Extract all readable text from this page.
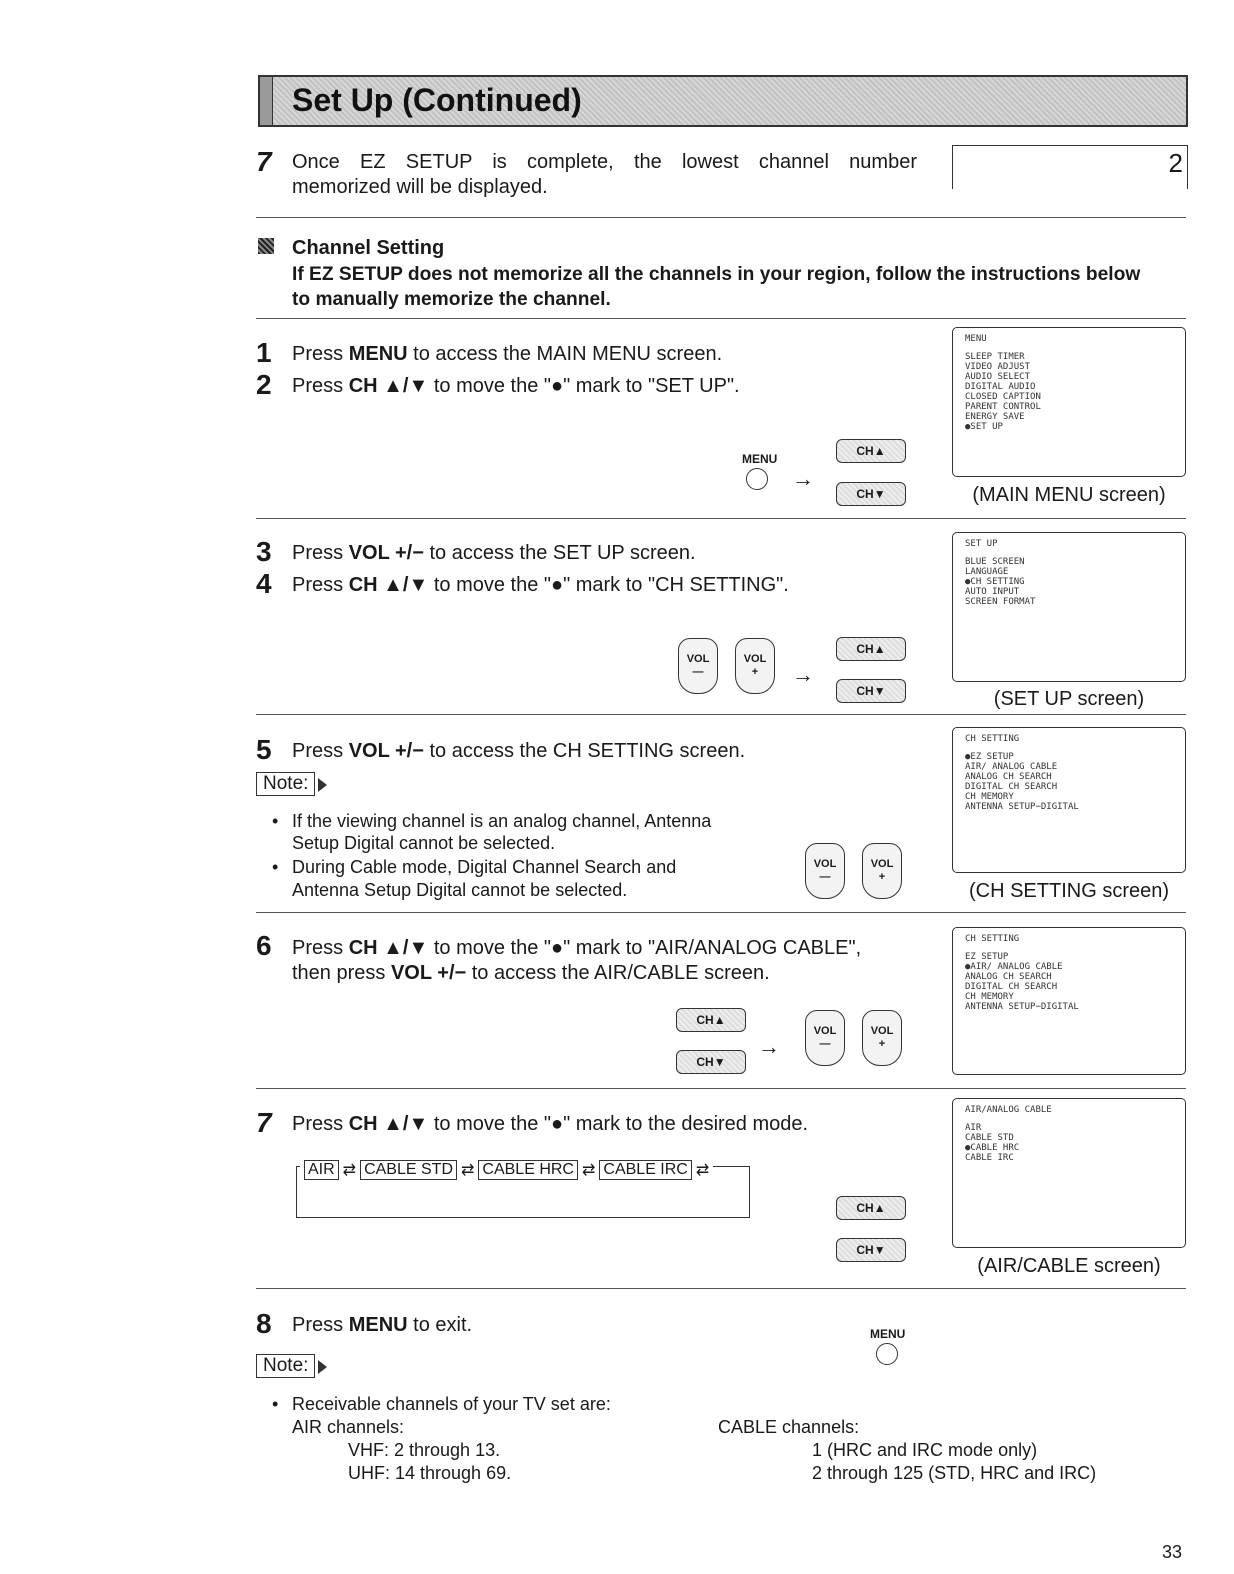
Set Up (Continued)
7 Once EZ SETUP is complete, the lowest channel number
memorized will be displayed.
2
Channel Setting
If EZ SETUP does not memorize all the channels in your region, follow the instructions below
to manually memorize the channel.
1 Press MENU to access the MAIN MENU screen.
2 Press CH ▲/▼ to move the "●" mark to "SET UP".
MENU
→
CH▲
CH▼
MENU
SLEEP TIMER
VIDEO ADJUST
AUDIO SELECT
DIGITAL AUDIO
CLOSED CAPTION
PARENT CONTROL
ENERGY SAVE
●SET UP
(MAIN MENU screen)
3 Press VOL +/− to access the SET UP screen.
4 Press CH ▲/▼ to move the "●" mark to "CH SETTING".
VOL
—
VOL
+ →
CH▲
CH▼
SET UP
BLUE SCREEN
LANGUAGE
●CH SETTING
AUTO INPUT
SCREEN FORMAT
(SET UP screen)
5 Press VOL +/− to access the CH SETTING screen.
Note:
• If the viewing channel is an analog channel, Antenna
Setup Digital cannot be selected.
• During Cable mode, Digital Channel Search and
Antenna Setup Digital cannot be selected.
VOL
—
VOL
+
CH SETTING
●EZ SETUP
AIR/ ANALOG CABLE
ANALOG CH SEARCH
DIGITAL CH SEARCH
CH MEMORY
ANTENNA SETUP−DIGITAL
(CH SETTING screen)
6 Press CH ▲/▼ to move the "●" mark to "AIR/ANALOG CABLE",
then press VOL +/− to access the AIR/CABLE screen.
CH▲
CH▼
→
VOL
—
VOL
+
CH SETTING
EZ SETUP
●AIR/ ANALOG CABLE
ANALOG CH SEARCH
DIGITAL CH SEARCH
CH MEMORY
ANTENNA SETUP−DIGITAL
7 Press CH ▲/▼ to move the "●" mark to the desired mode.
AIR ⇄ CABLE STD ⇄ CABLE HRC ⇄ CABLE IRC ⇄
CH▲
CH▼
AIR/ANALOG CABLE
AIR
CABLE STD
●CABLE HRC
CABLE IRC
(AIR/CABLE screen)
8 Press MENU to exit.	MENU
Note:
• Receivable channels of your TV set are:
AIR channels:
VHF: 2 through 13.
UHF: 14 through 69.
CABLE channels:
1 (HRC and IRC mode only)
2 through 125 (STD, HRC and IRC)
33
